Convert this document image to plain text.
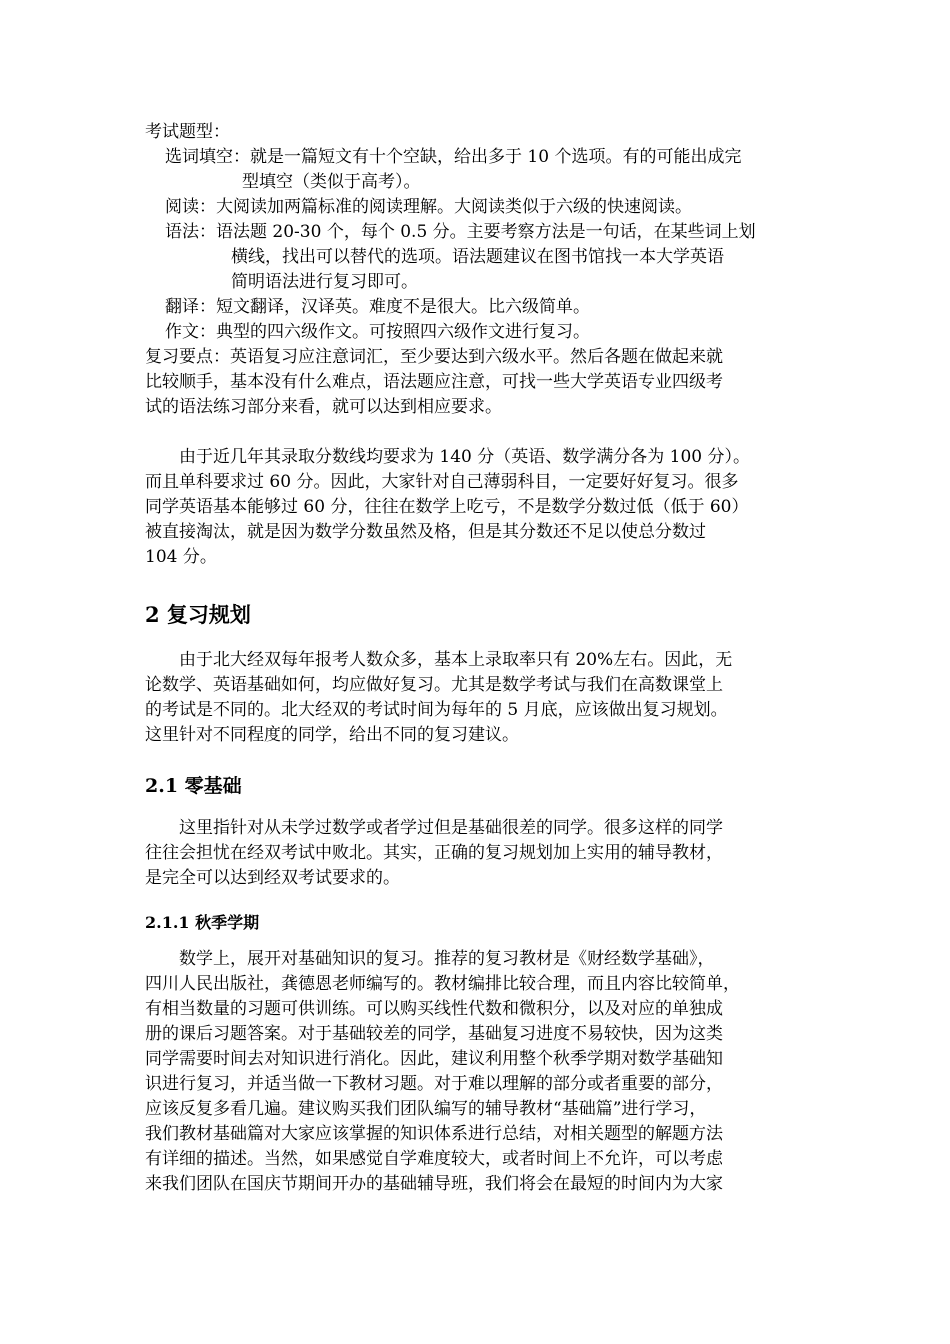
考试题型：
选词填空： 就是一篇短文有十个空缺，给出多于 10 个选项。有的可能出成完
型填空（类似于高考）。
阅读： 大阅读加两篇标准的阅读理解。大阅读类似于六级的快速阅读。
语法： 语法题 20-30 个，每个 0.5 分。主要考察方法是一句话，在某些词上划
横线，找出可以替代的选项。语法题建议在图书馆找一本大学英语
简明语法进行复习即可。
翻译： 短文翻译，汉译英。难度不是很大。比六级简单。
作文： 典型的四六级作文。可按照四六级作文进行复习。
复习要点：英语复习应注意词汇，至少要达到六级水平。然后各题在做起来就
比较顺手，基本没有什么难点，语法题应注意，可找一些大学英语专业四级考
试的语法练习部分来看，就可以达到相应要求。
由于近几年其录取分数线均要求为 140 分（英语、数学满分各为 100 分）。
而且单科要求过 60 分。因此，大家针对自己薄弱科目，一定要好好复习。很多
同学英语基本能够过 60 分，往往在数学上吃亏，不是数学分数过低（低于 60）
被直接淘汰，就是因为数学分数虽然及格，但是其分数还不足以使总分数过
104 分。
2 复习规划
由于北大经双每年报考人数众多，基本上录取率只有 20%左右。因此，无
论数学、英语基础如何，均应做好复习。尤其是数学考试与我们在高数课堂上
的考试是不同的。北大经双的考试时间为每年的 5 月底，应该做出复习规划。
这里针对不同程度的同学，给出不同的复习建议。
2.1 零基础
这里指针对从未学过数学或者学过但是基础很差的同学。很多这样的同学
往往会担忧在经双考试中败北。其实，正确的复习规划加上实用的辅导教材，
是完全可以达到经双考试要求的。
2.1.1 秋季学期
数学上，展开对基础知识的复习。推荐的复习教材是《财经数学基础》，
四川人民出版社，龚德恩老师编写的。教材编排比较合理，而且内容比较简单，
有相当数量的习题可供训练。可以购买线性代数和微积分，以及对应的单独成
册的课后习题答案。对于基础较差的同学，基础复习进度不易较快，因为这类
同学需要时间去对知识进行消化。因此，建议利用整个秋季学期对数学基础知
识进行复习，并适当做一下教材习题。对于难以理解的部分或者重要的部分，
应该反复多看几遍。建议购买我们团队编写的辅导教材“基础篇”进行学习，
我们教材基础篇对大家应该掌握的知识体系进行总结，对相关题型的解题方法
有详细的描述。当然，如果感觉自学难度较大，或者时间上不允许，可以考虑
来我们团队在国庆节期间开办的基础辅导班，我们将会在最短的时间内为大家
